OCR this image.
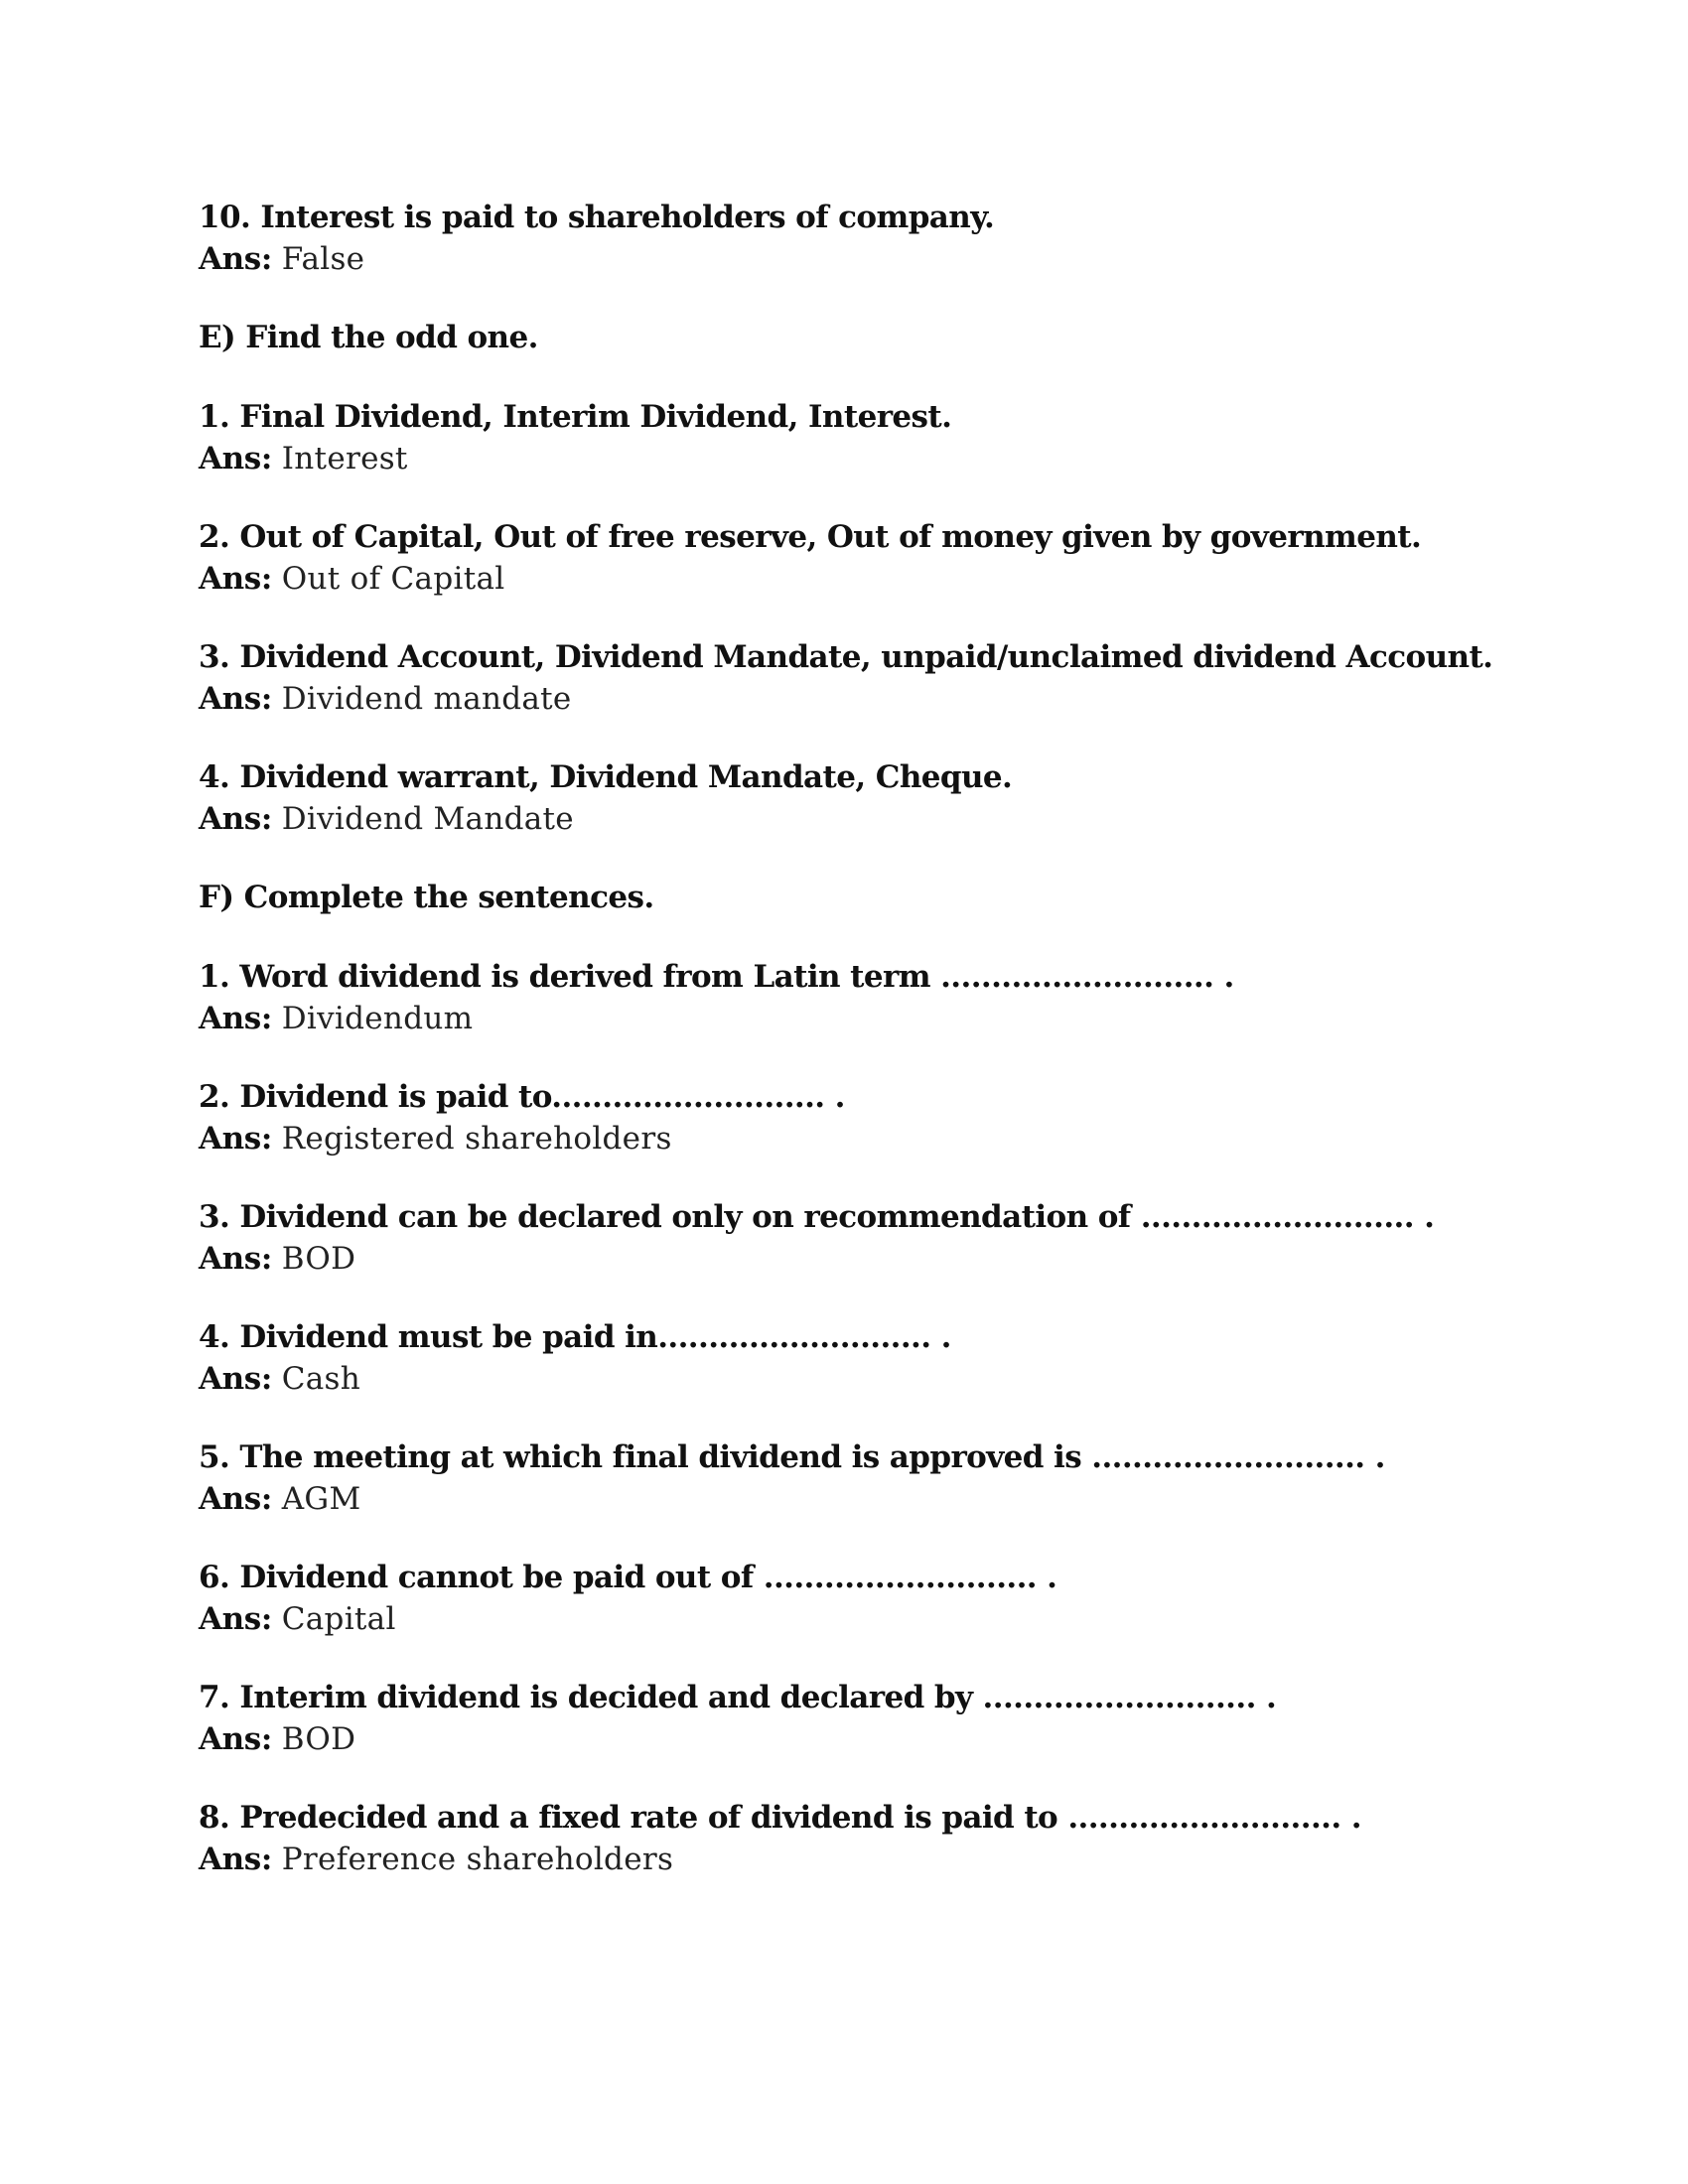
10. Interest is paid to shareholders of company.
Ans: False
E) Find the odd one.
1. Final Dividend, Interim Dividend, Interest.
Ans: Interest
2. Out of Capital, Out of free reserve, Out of money given by government.
Ans: Out of Capital
3. Dividend Account, Dividend Mandate, unpaid/unclaimed dividend Account.
Ans: Dividend mandate
4. Dividend warrant, Dividend Mandate, Cheque.
Ans: Dividend Mandate
F) Complete the sentences.
1. Word dividend is derived from Latin term ........................... .
Ans: Dividendum
2. Dividend is paid to........................... .
Ans: Registered shareholders
3. Dividend can be declared only on recommendation of ........................... .
Ans: BOD
4. Dividend must be paid in........................... .
Ans: Cash
5. The meeting at which final dividend is approved is ........................... .
Ans: AGM
6. Dividend cannot be paid out of ........................... .
Ans: Capital
7. Interim dividend is decided and declared by ........................... .
Ans: BOD
8. Predecided and a fixed rate of dividend is paid to ........................... .
Ans: Preference shareholders
